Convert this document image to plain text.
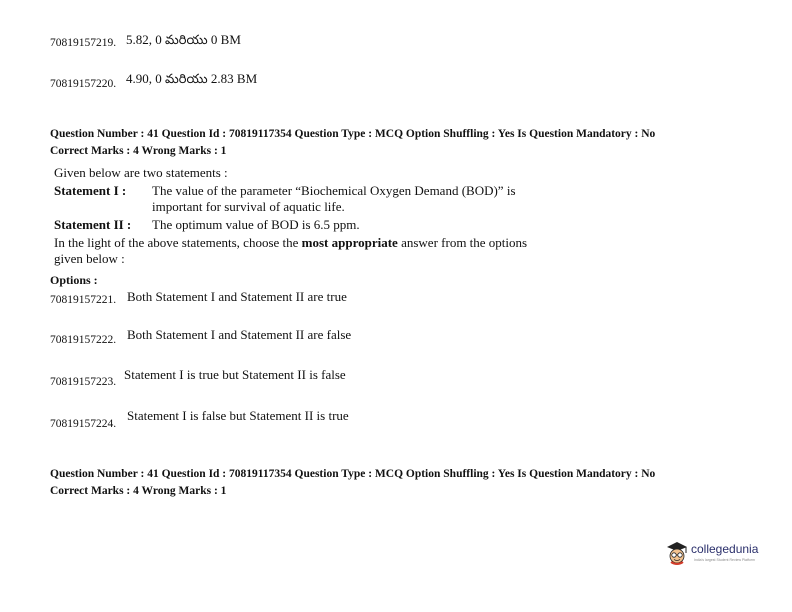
70819157219. 5.82, 0 మరియు 0 BM
70819157220. 4.90, 0 మరియు 2.83 BM
Question Number : 41 Question Id : 70819117354 Question Type : MCQ Option Shuffling : Yes Is Question Mandatory : No
Correct Marks : 4 Wrong Marks : 1
Given below are two statements :
Statement I : The value of the parameter “Biochemical Oxygen Demand (BOD)” is
important for survival of aquatic life.
Statement II : The optimum value of BOD is 6.5 ppm.
In the light of the above statements, choose the most appropriate answer from the options
given below :
Options :
70819157221. Both Statement I and Statement II are true
70819157222. Both Statement I and Statement II are false
70819157223. Statement I is true but Statement II is false
70819157224.
Statement I is false but Statement II is true
Question Number : 41 Question Id : 70819117354 Question Type : MCQ Option Shuffling : Yes Is Question Mandatory : No
Correct Marks : 4 Wrong Marks : 1
collegedunia
India's largest Student Review Platform
